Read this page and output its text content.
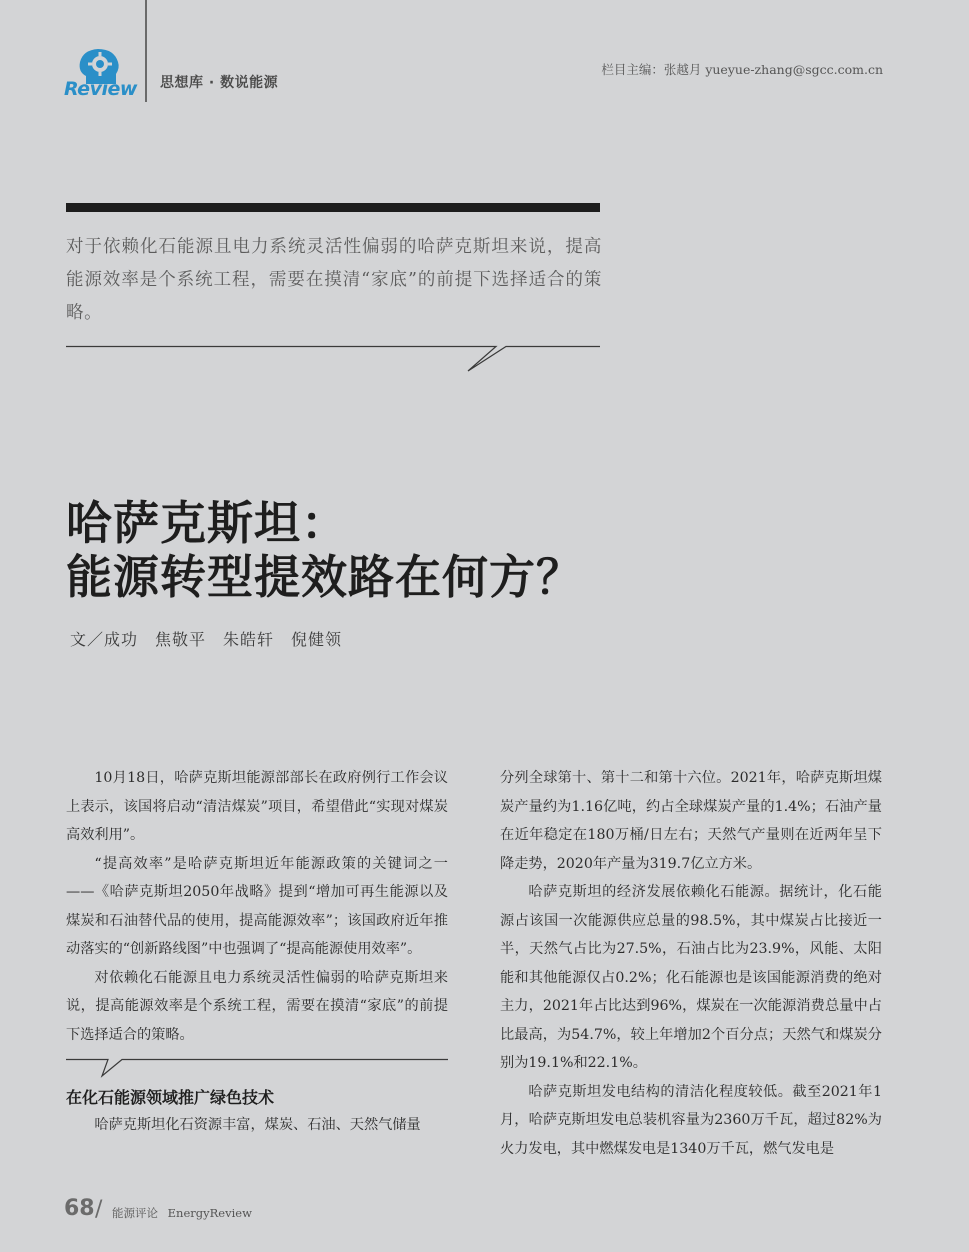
Review 思想库 · 数说能源
栏目主编：张越月 yueyue-zhang@sgcc.com.cn
对于依赖化石能源且电力系统灵活性偏弱的哈萨克斯坦来说，提高能源效率是个系统工程，需要在摸清“家底”的前提下选择适合的策略。
哈萨克斯坦：
能源转型提效路在何方？
文／成功　焦敬平　朱皓轩　倪健领

10月18日，哈萨克斯坦能源部部长在政府例行工作会议上表示，该国将启动“清洁煤炭”项目，希望借此“实现对煤炭高效利用”。

“提高效率”是哈萨克斯坦近年能源政策的关键词之一——《哈萨克斯坦2050年战略》提到“增加可再生能源以及煤炭和石油替代品的使用，提高能源效率”；该国政府近年推动落实的“创新路线图”中也强调了“提高能源使用效率”。

对依赖化石能源且电力系统灵活性偏弱的哈萨克斯坦来说，提高能源效率是个系统工程，需要在摸清“家底”的前提下选择适合的策略。

在化石能源领域推广绿色技术

哈萨克斯坦化石资源丰富，煤炭、石油、天然气储量

分列全球第十、第十二和第十六位。2021年，哈萨克斯坦煤炭产量约为1.16亿吨，约占全球煤炭产量的1.4%；石油产量在近年稳定在180万桶/日左右；天然气产量则在近两年呈下降走势，2020年产量为319.7亿立方米。

哈萨克斯坦的经济发展依赖化石能源。据统计，化石能源占该国一次能源供应总量的98.5%，其中煤炭占比接近一半，天然气占比为27.5%，石油占比为23.9%，风能、太阳能和其他能源仅占0.2%；化石能源也是该国能源消费的绝对主力，2021年占比达到96%，煤炭在一次能源消费总量中占比最高，为54.7%，较上年增加2个百分点；天然气和煤炭分别为19.1%和22.1%。

哈萨克斯坦发电结构的清洁化程度较低。截至2021年1月，哈萨克斯坦发电总装机容量为2360万千瓦，超过82%为火力发电，其中燃煤发电是1340万千瓦，燃气发电是

68 / 能源评论 EnergyReview
